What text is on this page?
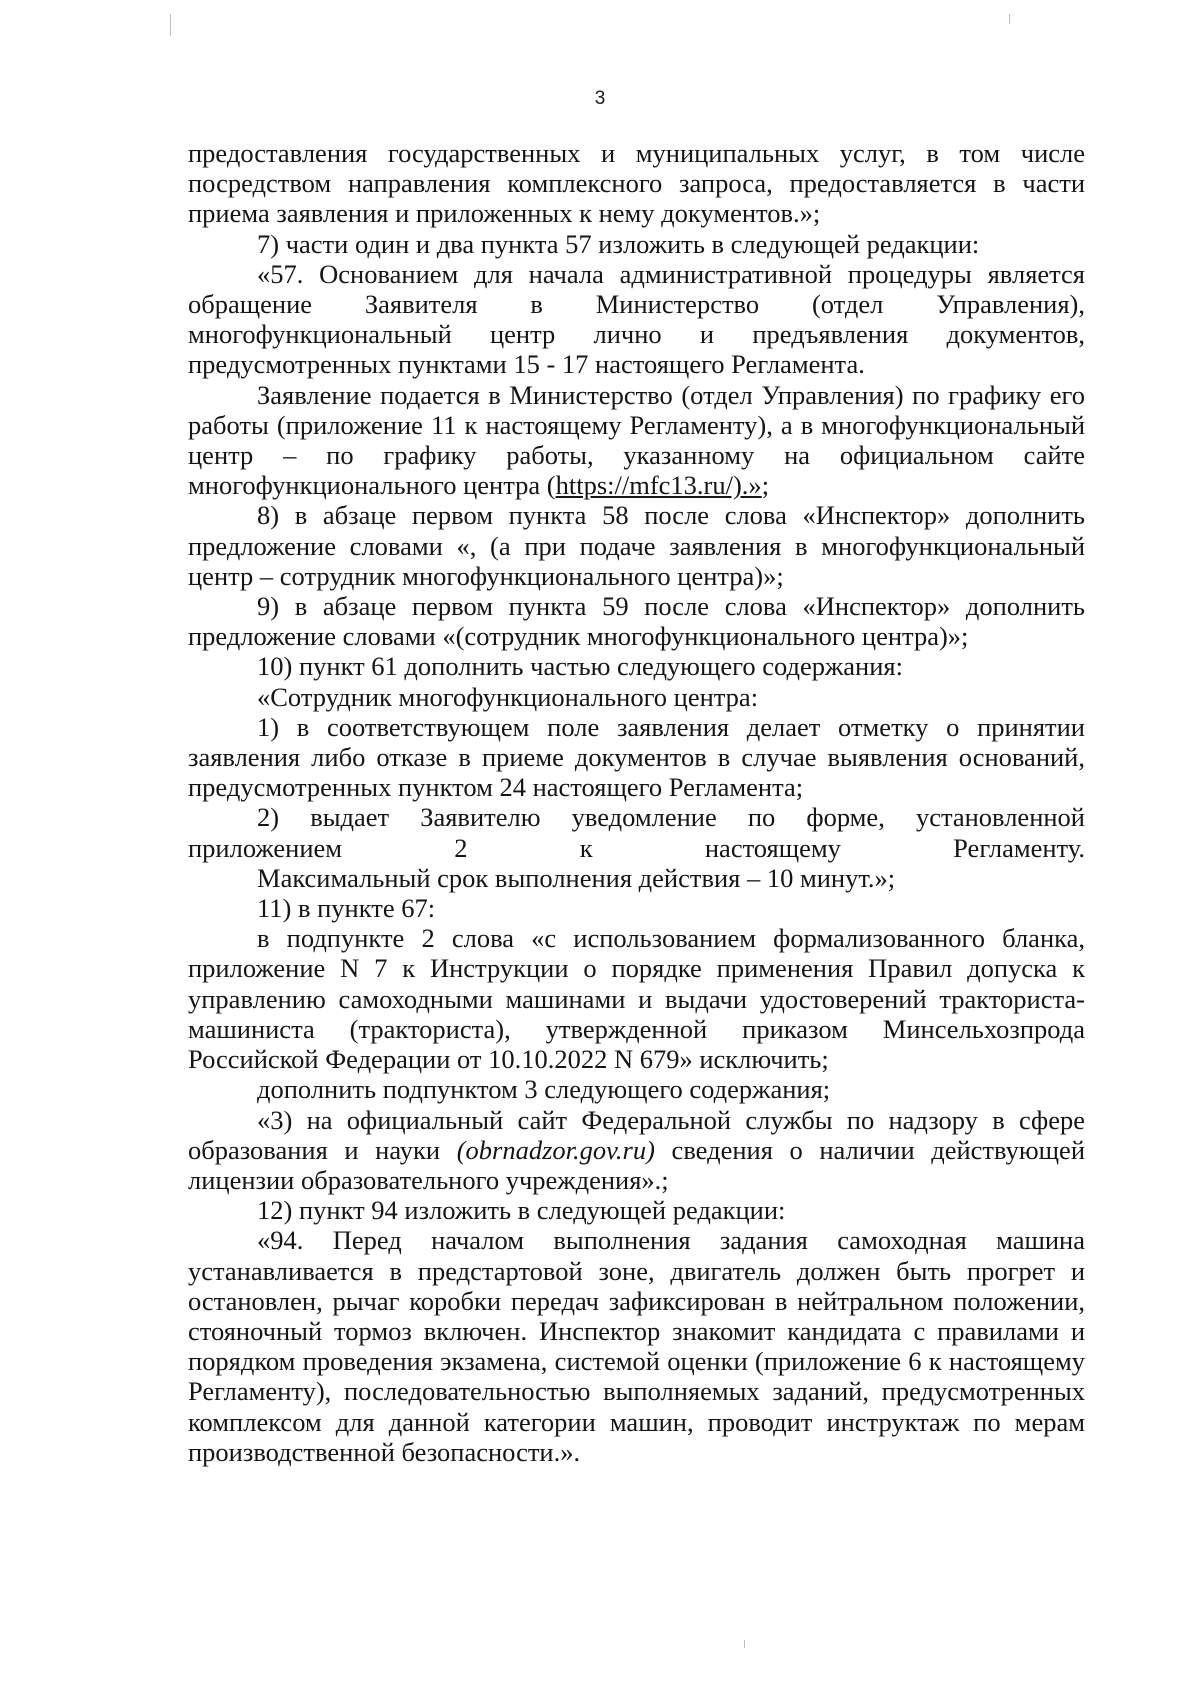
3

предоставления государственных и муниципальных услуг, в том числе посредством направления комплексного запроса, предоставляется в части приема заявления и приложенных к нему документов.»;

7) части один и два пункта 57 изложить в следующей редакции:

«57. Основанием для начала административной процедуры является обращение Заявителя в Министерство (отдел Управления), многофункциональный центр лично и предъявления документов, предусмотренных пунктами 15 - 17 настоящего Регламента.

Заявление подается в Министерство (отдел Управления) по графику его работы (приложение 11 к настоящему Регламенту), а в многофункциональный центр – по графику работы, указанному на официальном сайте многофункционального центра (https://mfc13.ru/).»;

8) в абзаце первом пункта 58 после слова «Инспектор» дополнить предложение словами «, (а при подаче заявления в многофункциональный центр – сотрудник многофункционального центра)»;

9) в абзаце первом пункта 59 после слова «Инспектор» дополнить предложение словами «(сотрудник многофункционального центра)»;

10) пункт 61 дополнить частью следующего содержания:

«Сотрудник многофункционального центра:

1) в соответствующем поле заявления делает отметку о принятии заявления либо отказе в приеме документов в случае выявления оснований, предусмотренных пунктом 24 настоящего Регламента;

2) выдает Заявителю уведомление по форме, установленной приложением 2 к настоящему Регламенту.

Максимальный срок выполнения действия – 10 минут.»;

11) в пункте 67:

в подпункте 2 слова «с использованием формализованного бланка, приложение N 7 к Инструкции о порядке применения Правил допуска к управлению самоходными машинами и выдачи удостоверений тракториста-машиниста (тракториста), утвержденной приказом Минсельхозпрода Российской Федерации от 10.10.2022 N 679» исключить;

дополнить подпунктом 3 следующего содержания;

«3) на официальный сайт Федеральной службы по надзору в сфере образования и науки (obrnadzor.gov.ru) сведения о наличии действующей лицензии образовательного учреждения».;

12) пункт 94 изложить в следующей редакции:

«94. Перед началом выполнения задания самоходная машина устанавливается в предстартовой зоне, двигатель должен быть прогрет и остановлен, рычаг коробки передач зафиксирован в нейтральном положении, стояночный тормоз включен. Инспектор знакомит кандидата с правилами и порядком проведения экзамена, системой оценки (приложение 6 к настоящему Регламенту), последовательностью выполняемых заданий, предусмотренных комплексом для данной категории машин, проводит инструктаж по мерам производственной безопасности.».
